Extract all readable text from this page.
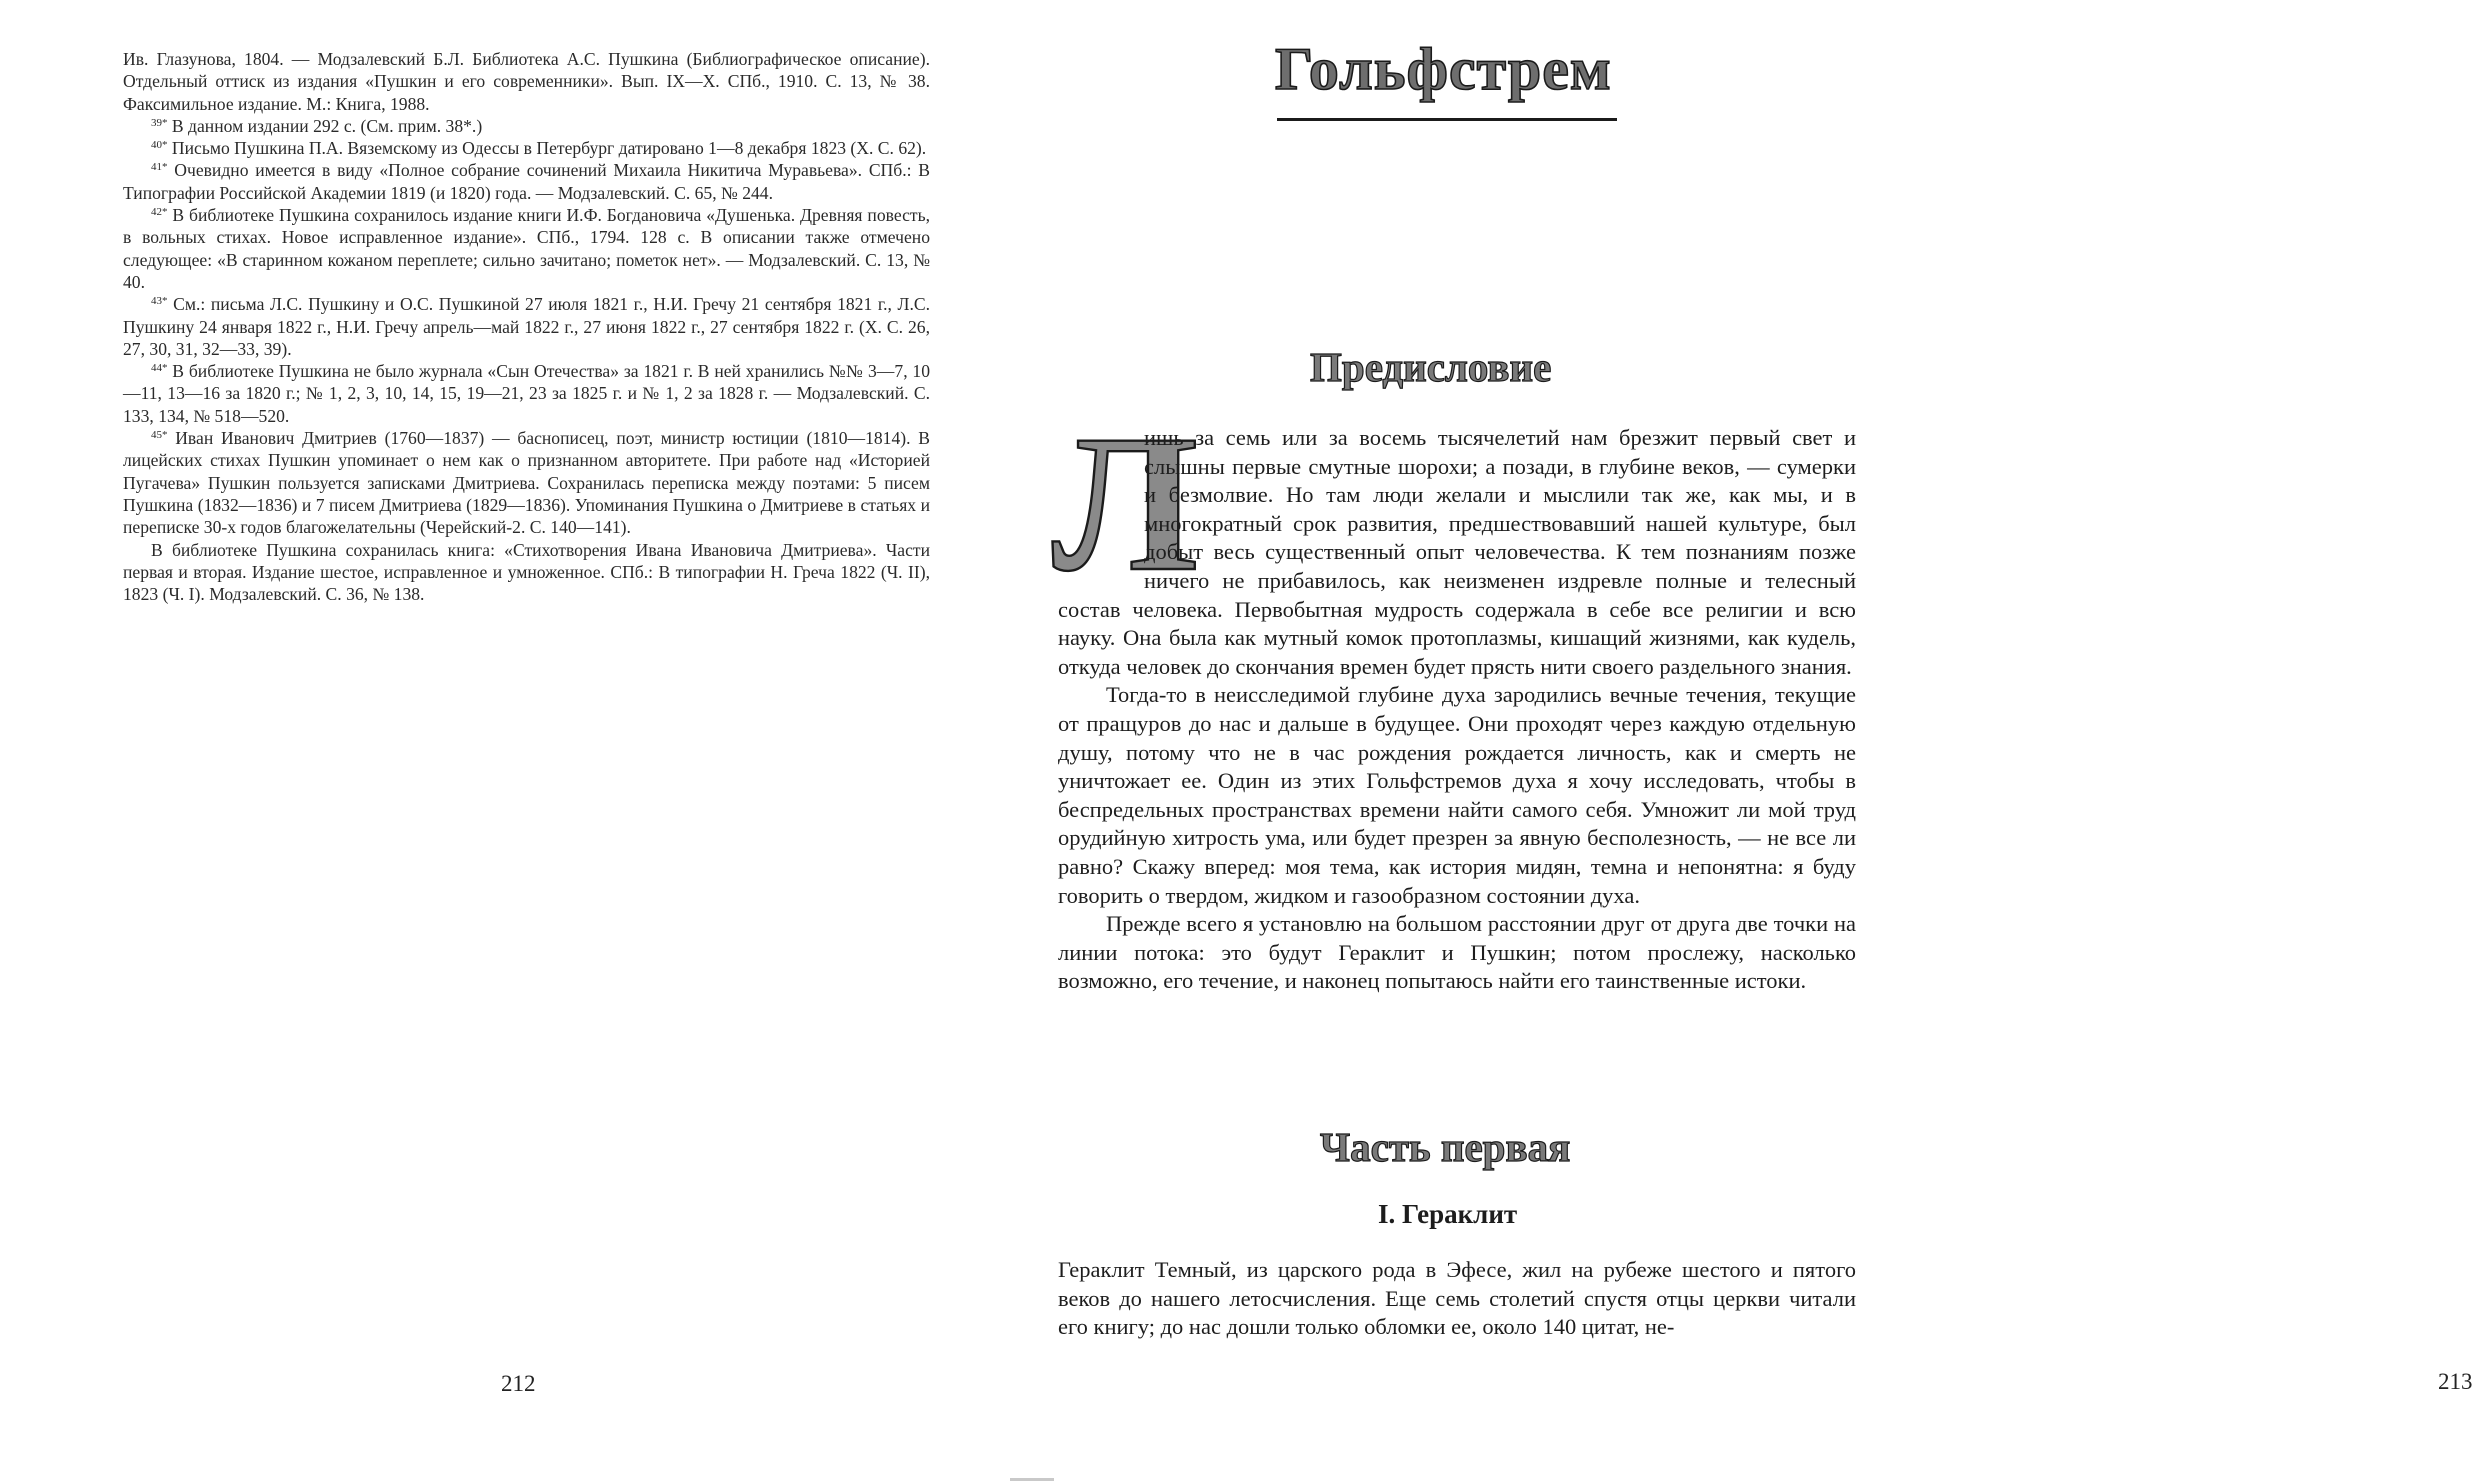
Ив. Глазунова, 1804. — Модзалевский Б.Л. Библиотека А.С. Пушкина (Библиографическое описание). Отдельный оттиск из издания «Пушкин и его современники». Вып. IX—X. СПб., 1910. С. 13, № 38. Факсимильное издание. М.: Книга, 1988.

$^{39*}$ В данном издании 292 с. (См. прим. 38*.)

$^{40*}$ Письмо Пушкина П.А. Вяземскому из Одессы в Петербург датировано 1—8 декабря 1823 (X. С. 62).

$^{41*}$ Очевидно имеется в виду «Полное собрание сочинений Михаила Никитича Муравьева». СПб.: В Типографии Российской Академии 1819 (и 1820) года. — Модзалевский. С. 65, № 244.

$^{42*}$ В библиотеке Пушкина сохранилось издание книги И.Ф. Богдановича «Душенька. Древняя повесть, в вольных стихах. Новое исправленное издание». СПб., 1794. 128 с. В описании также отмечено следующее: «В старинном кожаном переплете; сильно зачитано; пометок нет». — Модзалевский. С. 13, № 40.

$^{43*}$ См.: письма Л.С. Пушкину и О.С. Пушкиной 27 июля 1821 г., Н.И. Гречу 21 сентября 1821 г., Л.С. Пушкину 24 января 1822 г., Н.И. Гречу апрель—май 1822 г., 27 июня 1822 г., 27 сентября 1822 г. (X. С. 26, 27, 30, 31, 32—33, 39).

$^{44*}$ В библиотеке Пушкина не было журнала «Сын Отечества» за 1821 г. В ней хранились №№ 3—7, 10—11, 13—16 за 1820 г.; № 1, 2, 3, 10, 14, 15, 19—21, 23 за 1825 г. и № 1, 2 за 1828 г. — Модзалевский. С. 133, 134, № 518—520.

$^{45*}$ Иван Иванович Дмитриев (1760—1837) — баснописец, поэт, министр юстиции (1810—1814). В лицейских стихах Пушкин упоминает о нем как о признанном авторитете. При работе над «Историей Пугачева» Пушкин пользуется записками Дмитриева. Сохранилась переписка между поэтами: 5 писем Пушкина (1832—1836) и 7 писем Дмитриева (1829—1836). Упоминания Пушкина о Дмитриеве в статьях и переписке 30-х годов благожелательны (Черейский-2. С. 140—141).

В библиотеке Пушкина сохранилась книга: «Стихотворения Ивана Ивановича Дмитриева». Части первая и вторая. Издание шестое, исправленное и умноженное. СПб.: В типографии Н. Греча 1822 (Ч. II), 1823 (Ч. I). Модзалевский. С. 36, № 138.

212
Гольфстрем
Предисловие

Л
ишь за семь или за восемь тысячелетий нам брезжит первый свет и слышны первые смутные шорохи; а позади, в глубине веков, — сумерки и безмолвие. Но там люди желали и мыслили так же, как мы, и в многократный срок развития, предшествовавший нашей культуре, был добыт весь существенный опыт человечества. К тем познаниям позже ничего не прибавилось, как неизменен издревле полные и телесный состав человека. Первобытная мудрость содержала в себе все религии и всю науку. Она была как мутный комок протоплазмы, кишащий жизнями, как кудель, откуда человек до скончания времен будет прясть нити своего раздельного знания.

Тогда-то в неисследимой глубине духа зародились вечные течения, текущие от пращуров до нас и дальше в будущее. Они проходят через каждую отдельную душу, потому что не в час рождения рождается личность, как и смерть не уничтожает ее. Один из этих Гольфстремов духа я хочу исследовать, чтобы в беспредельных пространствах времени найти самого себя. Умножит ли мой труд орудийную хитрость ума, или будет презрен за явную бесполезность, — не все ли равно? Скажу вперед: моя тема, как история мидян, темна и непонятна: я буду говорить о твердом, жидком и газообразном состоянии духа.

Прежде всего я установлю на большом расстоянии друг от друга две точки на линии потока: это будут Гераклит и Пушкин; потом прослежу, насколько возможно, его течение, и наконец попытаюсь найти его таинственные истоки.

Часть первая
I. Гераклит

Гераклит Темный, из царского рода в Эфесе, жил на рубеже шестого и пятого веков до нашего летосчисления. Еще семь столетий спустя отцы церкви читали его книгу; до нас дошли только обломки ее, около 140 цитат, не-

213
